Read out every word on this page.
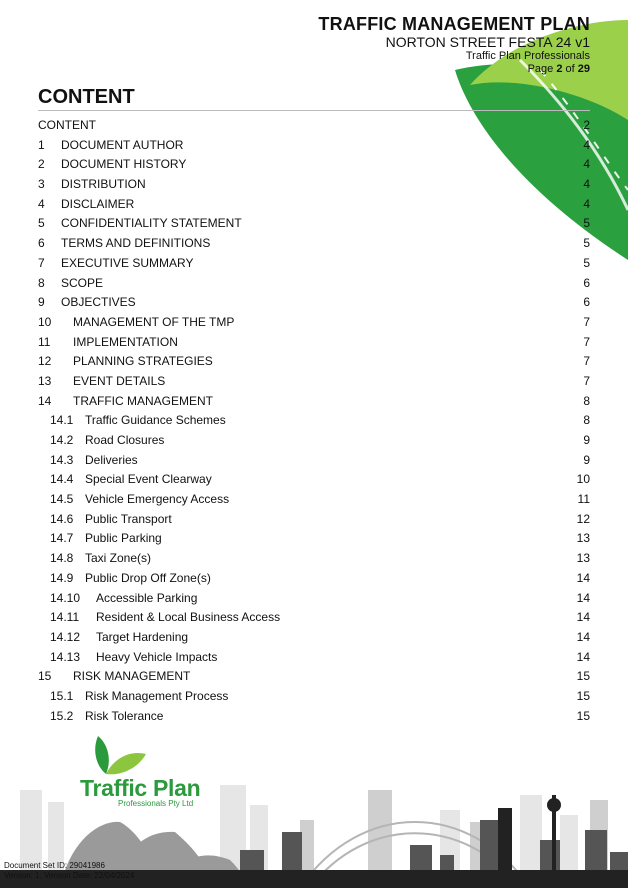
TRAFFIC MANAGEMENT PLAN
NORTON STREET FESTA 24 v1
Traffic Plan Professionals
Page 2 of 29
CONTENT
CONTENT	2
1 DOCUMENT AUTHOR	4
2 DOCUMENT HISTORY	4
3 DISTRIBUTION	4
4 DISCLAIMER	4
5 CONFIDENTIALITY STATEMENT	5
6 TERMS AND DEFINITIONS	5
7 EXECUTIVE SUMMARY	5
8 SCOPE	6
9 OBJECTIVES	6
10 MANAGEMENT OF THE TMP	7
11 IMPLEMENTATION	7
12 PLANNING STRATEGIES	7
13 EVENT DETAILS	7
14 TRAFFIC MANAGEMENT	8
14.1 Traffic Guidance Schemes	8
14.2 Road Closures	9
14.3 Deliveries	9
14.4 Special Event Clearway	10
14.5 Vehicle Emergency Access	11
14.6 Public Transport	12
14.7 Public Parking	13
14.8 Taxi Zone(s)	13
14.9 Public Drop Off Zone(s)	14
14.10 Accessible Parking	14
14.11 Resident & Local Business Access	14
14.12 Target Hardening	14
14.13 Heavy Vehicle Impacts	14
15 RISK MANAGEMENT	15
15.1 Risk Management Process	15
15.2 Risk Tolerance	15
Traffic Plan
Professionals Pty Ltd
Document Set ID: 29041986
Version: 1, Version Date: 22/04/2024
